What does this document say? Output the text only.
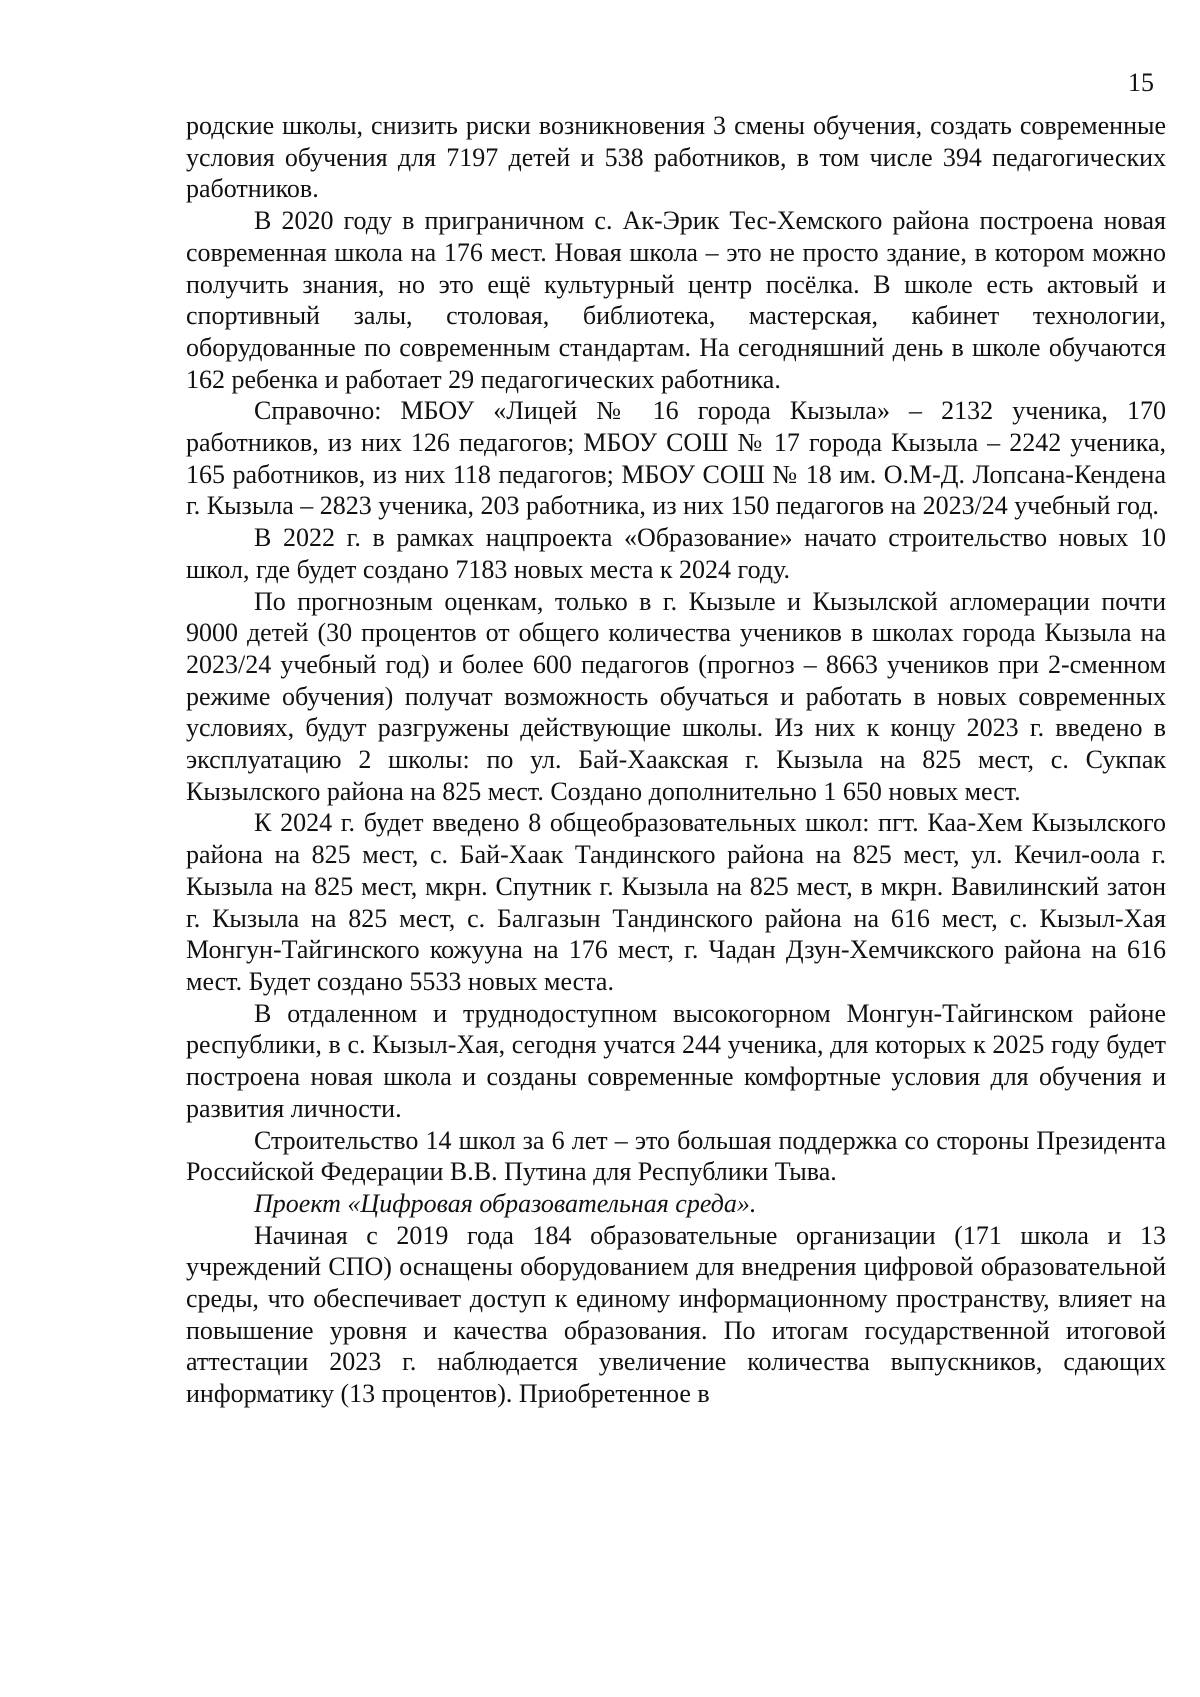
15

родские школы, снизить риски возникновения 3 смены обучения, создать современные условия обучения для 7197 детей и 538 работников, в том числе 394 педагогических работников.

В 2020 году в приграничном с. Ак-Эрик Тес-Хемского района построена новая современная школа на 176 мест. Новая школа – это не просто здание, в котором можно получить знания, но это ещё культурный центр посёлка. В школе есть актовый и спортивный залы, столовая, библиотека, мастерская, кабинет технологии, оборудованные по современным стандартам. На сегодняшний день в школе обучаются 162 ребенка и работает 29 педагогических работника.

Справочно: МБОУ «Лицей № 16 города Кызыла» – 2132 ученика, 170 работников, из них 126 педагогов; МБОУ СОШ № 17 города Кызыла – 2242 ученика, 165 работников, из них 118 педагогов; МБОУ СОШ № 18 им. О.М-Д. Лопсана-Кендена г. Кызыла – 2823 ученика, 203 работника, из них 150 педагогов на 2023/24 учебный год.

В 2022 г. в рамках нацпроекта «Образование» начато строительство новых 10 школ, где будет создано 7183 новых места к 2024 году.

По прогнозным оценкам, только в г. Кызыле и Кызылской агломерации почти 9000 детей (30 процентов от общего количества учеников в школах города Кызыла на 2023/24 учебный год) и более 600 педагогов (прогноз – 8663 учеников при 2-сменном режиме обучения) получат возможность обучаться и работать в новых современных условиях, будут разгружены действующие школы. Из них к концу 2023 г. введено в эксплуатацию 2 школы: по ул. Бай-Хаакская г. Кызыла на 825 мест, с. Сукпак Кызылского района на 825 мест. Создано дополнительно 1 650 новых мест.

К 2024 г. будет введено 8 общеобразовательных школ: пгт. Каа-Хем Кызылского района на 825 мест, с. Бай-Хаак Тандинского района на 825 мест, ул. Кечил-оола г. Кызыла на 825 мест, мкрн. Спутник г. Кызыла на 825 мест, в мкрн. Вавилинский затон г. Кызыла на 825 мест, с. Балгазын Тандинского района на 616 мест, с. Кызыл-Хая Монгун-Тайгинского кожууна на 176 мест, г. Чадан Дзун-Хемчикского района на 616 мест. Будет создано 5533 новых места.

В отдаленном и труднодоступном высокогорном Монгун-Тайгинском районе республики, в с. Кызыл-Хая, сегодня учатся 244 ученика, для которых к 2025 году будет построена новая школа и созданы современные комфортные условия для обучения и развития личности.

Строительство 14 школ за 6 лет – это большая поддержка со стороны Президента Российской Федерации В.В. Путина для Республики Тыва.

Проект «Цифровая образовательная среда».

Начиная с 2019 года 184 образовательные организации (171 школа и 13 учреждений СПО) оснащены оборудованием для внедрения цифровой образовательной среды, что обеспечивает доступ к единому информационному пространству, влияет на повышение уровня и качества образования. По итогам государственной итоговой аттестации 2023 г. наблюдается увеличение количества выпускников, сдающих информатику (13 процентов). Приобретенное в
